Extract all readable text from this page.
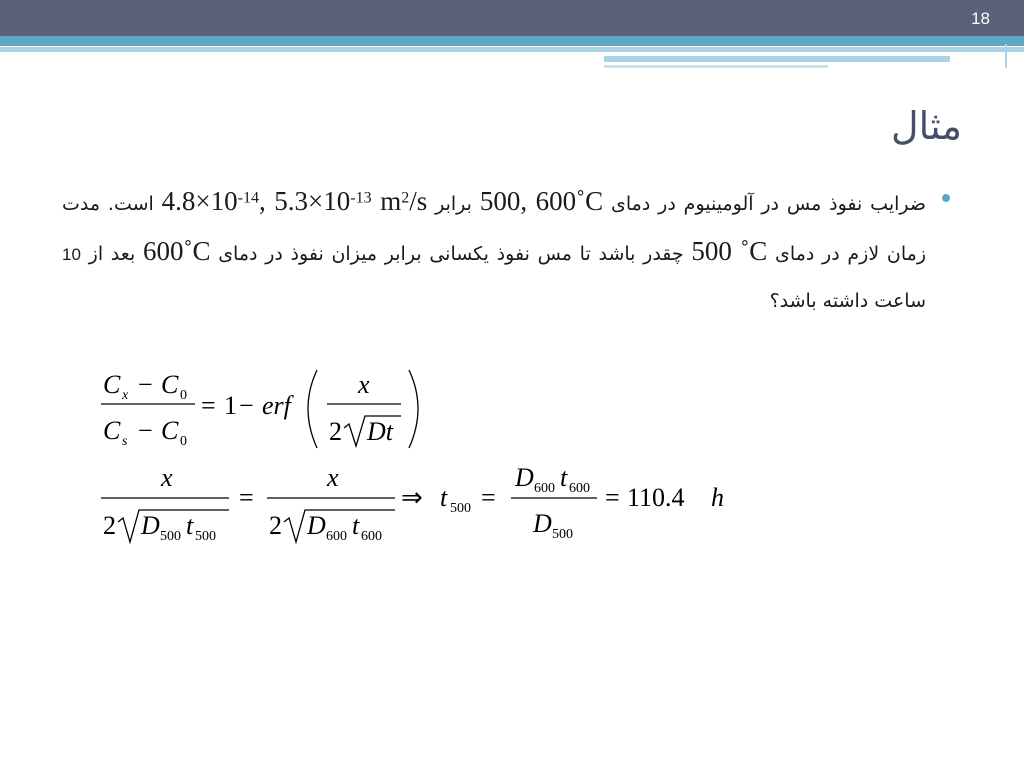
18
مثال
ضرایب نفوذ مس در آلومینیوم در دمای 500, 600˚C برابر $4.8\times 10^{-14}$, $5.3\times 10^{-13}$ $m^2/s$ است. مدت زمان لازم در دمای 500 ˚C چقدر باشد تا مس نفوذ یکسانی برابر میزان نفوذ در دمای 600˚C بعد از 10 ساعت داشته باشد؟
C x − C 0
C s − C 0
= 1 − erf
x
2 Dt
x
2 D 500 t 500
=
x
2 D 600 t 600
⇒ t 500 =
D 600 t 600
D 500
= 110.4 h
